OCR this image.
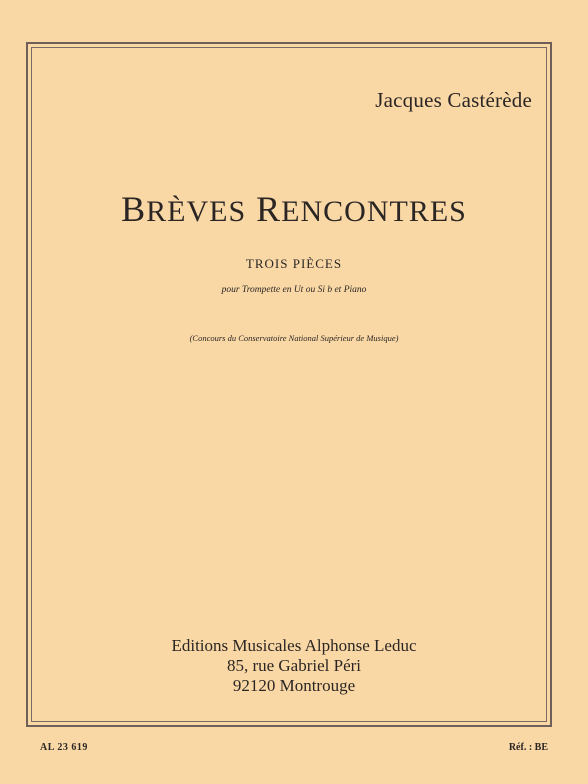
Jacques Castérède
BRÈVES RENCONTRES
TROIS PIÈCES
pour Trompette en Ut ou Si b et Piano
(Concours du Conservatoire National Supérieur de Musique)
Editions Musicales Alphonse Leduc
85, rue Gabriel Péri
92120 Montrouge
AL 23 619	Réf. : BE
